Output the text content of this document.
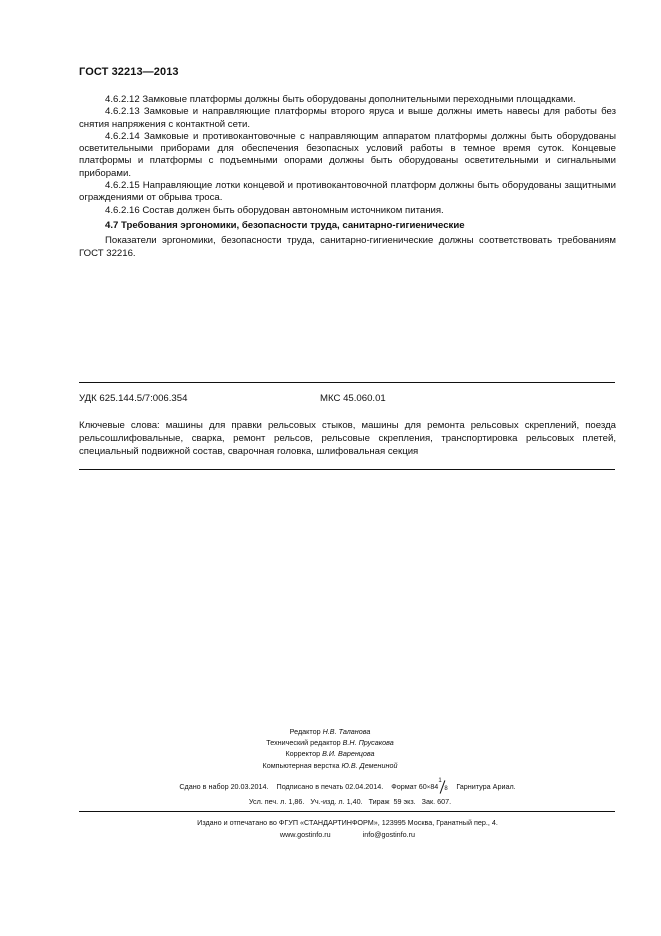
ГОСТ 32213—2013

4.6.2.12 Замковые платформы должны быть оборудованы дополнительными переходными площадками.

4.6.2.13 Замковые и направляющие платформы второго яруса и выше должны иметь навесы для работы без снятия напряжения с контактной сети.

4.6.2.14 Замковые и противокантовочные с направляющим аппаратом платформы должны быть оборудованы осветительными приборами для обеспечения безопасных условий работы в темное время суток. Концевые платформы и платформы с подъемными опорами должны быть оборудованы осветительными и сигнальными приборами.

4.6.2.15 Направляющие лотки концевой и противокантовочной платформ должны быть оборудованы защитными ограждениями от обрыва троса.

4.6.2.16 Состав должен быть оборудован автономным источником питания.

4.7 Требования эргономики, безопасности труда, санитарно-гигиенические

Показатели эргономики, безопасности труда, санитарно-гигиенические должны соответствовать требованиям ГОСТ 32216.

УДК 625.144.5/7:006.354	МКС 45.060.01
Ключевые слова: машины для правки рельсовых стыков, машины для ремонта рельсовых скреплений, поезда рельсошлифовальные, сварка, ремонт рельсов, рельсовые скрепления, транспортировка рельсовых плетей, специальный подвижной состав, сварочная головка, шлифовальная секция
Редактор Н.В. Таланова
Технический редактор В.Н. Прусакова
Корректор В.И. Варенцова
Компьютерная верстка Ю.В. Демениной
Сдано в набор 20.03.2014. Подписано в печать 02.04.2014. Формат 60×84
1
8 Гарнитура Ариал.
Усл. печ. л. 1,86. Уч.-изд. л. 1,40. Тираж  59 экз. Зак. 607.
Издано и отпечатано во ФГУП «СТАНДАРТИНФОРМ», 123995 Москва, Гранатный пер., 4.
www.gostinfo.ru	info@gostinfo.ru
